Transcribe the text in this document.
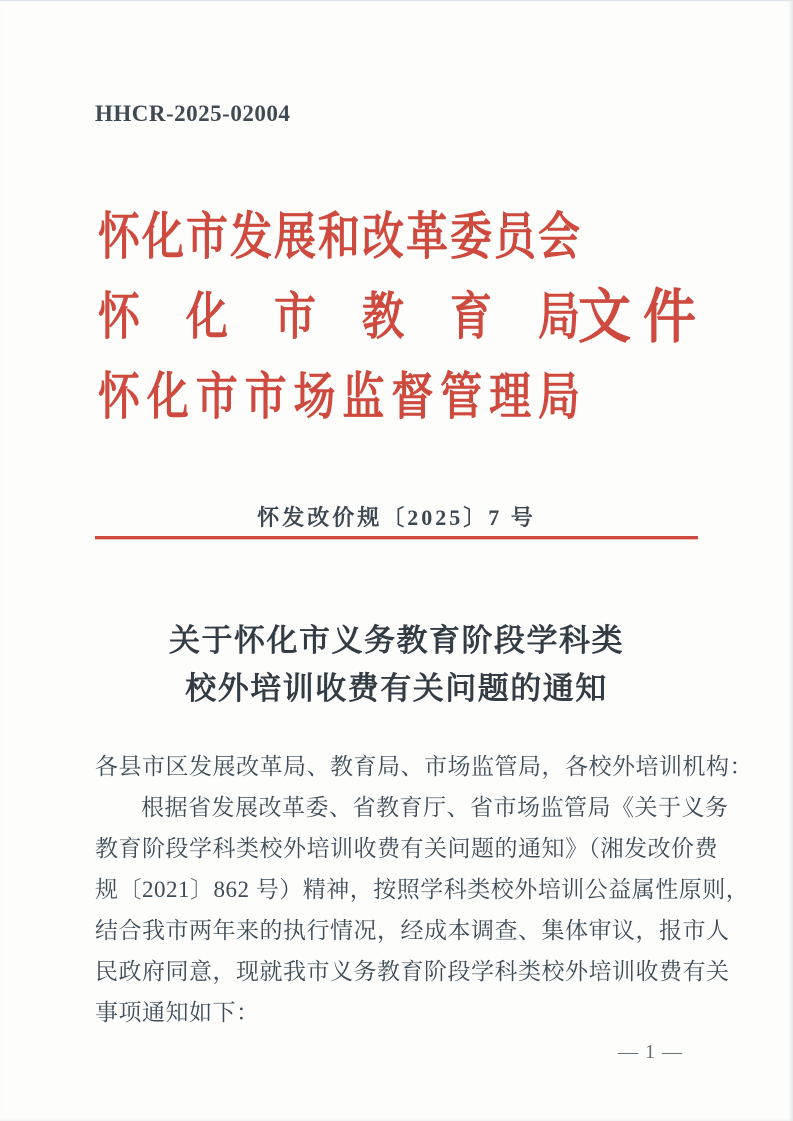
HHCR-2025-02004
怀化市发展和改革委员会
怀化市教育局
怀化市市场监督管理局
文件
怀发改价规〔2025〕7 号
关于怀化市义务教育阶段学科类
校外培训收费有关问题的通知
各县市区发展改革局、教育局、市场监管局，各校外培训机构：
根据省发展改革委、省教育厅、省市场监管局《关于义务
教育阶段学科类校外培训收费有关问题的通知》（湘发改价费
规〔2021〕862 号）精神，按照学科类校外培训公益属性原则，
结合我市两年来的执行情况，经成本调查、集体审议，报市人
民政府同意，现就我市义务教育阶段学科类校外培训收费有关
事项通知如下：
— 1 —
